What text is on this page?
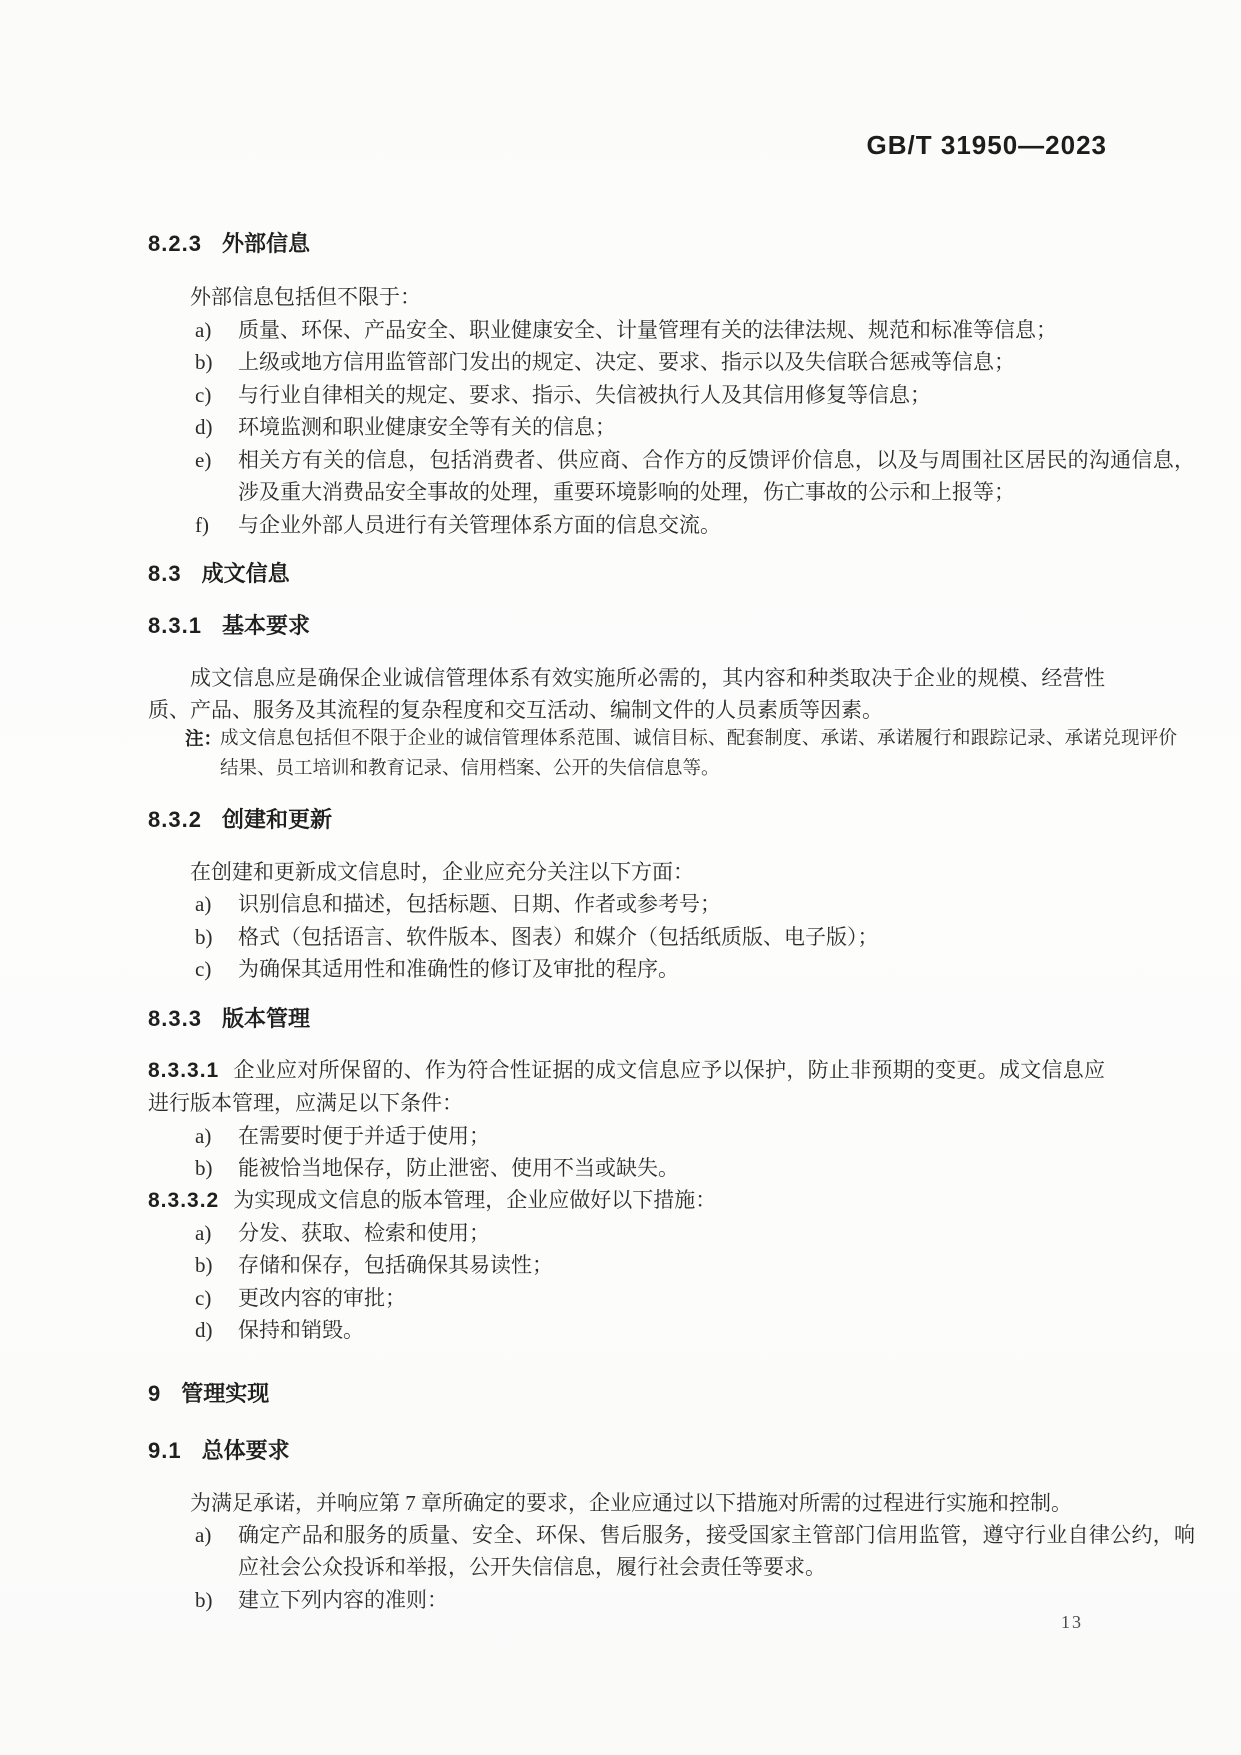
GB/T 31950—2023
8.2.3 外部信息
外部信息包括但不限于：
a) 质量、环保、产品安全、职业健康安全、计量管理有关的法律法规、规范和标准等信息；
b) 上级或地方信用监管部门发出的规定、决定、要求、指示以及失信联合惩戒等信息；
c) 与行业自律相关的规定、要求、指示、失信被执行人及其信用修复等信息；
d) 环境监测和职业健康安全等有关的信息；
e) 相关方有关的信息，包括消费者、供应商、合作方的反馈评价信息，以及与周围社区居民的沟通信息，涉及重大消费品安全事故的处理，重要环境影响的处理，伤亡事故的公示和上报等；
f) 与企业外部人员进行有关管理体系方面的信息交流。
8.3 成文信息
8.3.1 基本要求
成文信息应是确保企业诚信管理体系有效实施所必需的，其内容和种类取决于企业的规模、经营性质、产品、服务及其流程的复杂程度和交互活动、编制文件的人员素质等因素。
注：
成文信息包括但不限于企业的诚信管理体系范围、诚信目标、配套制度、承诺、承诺履行和跟踪记录、承诺兑现评价结果、员工培训和教育记录、信用档案、公开的失信信息等。
8.3.2 创建和更新
在创建和更新成文信息时，企业应充分关注以下方面：
a) 识别信息和描述，包括标题、日期、作者或参考号；
b) 格式（包括语言、软件版本、图表）和媒介（包括纸质版、电子版）；
c) 为确保其适用性和准确性的修订及审批的程序。
8.3.3 版本管理
8.3.3.1 企业应对所保留的、作为符合性证据的成文信息应予以保护，防止非预期的变更。成文信息应进行版本管理，应满足以下条件：
a) 在需要时便于并适于使用；
b) 能被恰当地保存，防止泄密、使用不当或缺失。
8.3.3.2 为实现成文信息的版本管理，企业应做好以下措施：
a) 分发、获取、检索和使用；
b) 存储和保存，包括确保其易读性；
c) 更改内容的审批；
d) 保持和销毁。
9 管理实现
9.1 总体要求
为满足承诺，并响应第 7 章所确定的要求，企业应通过以下措施对所需的过程进行实施和控制。
a) 确定产品和服务的质量、安全、环保、售后服务，接受国家主管部门信用监管，遵守行业自律公约，响应社会公众投诉和举报，公开失信信息，履行社会责任等要求。
b) 建立下列内容的准则：
13
